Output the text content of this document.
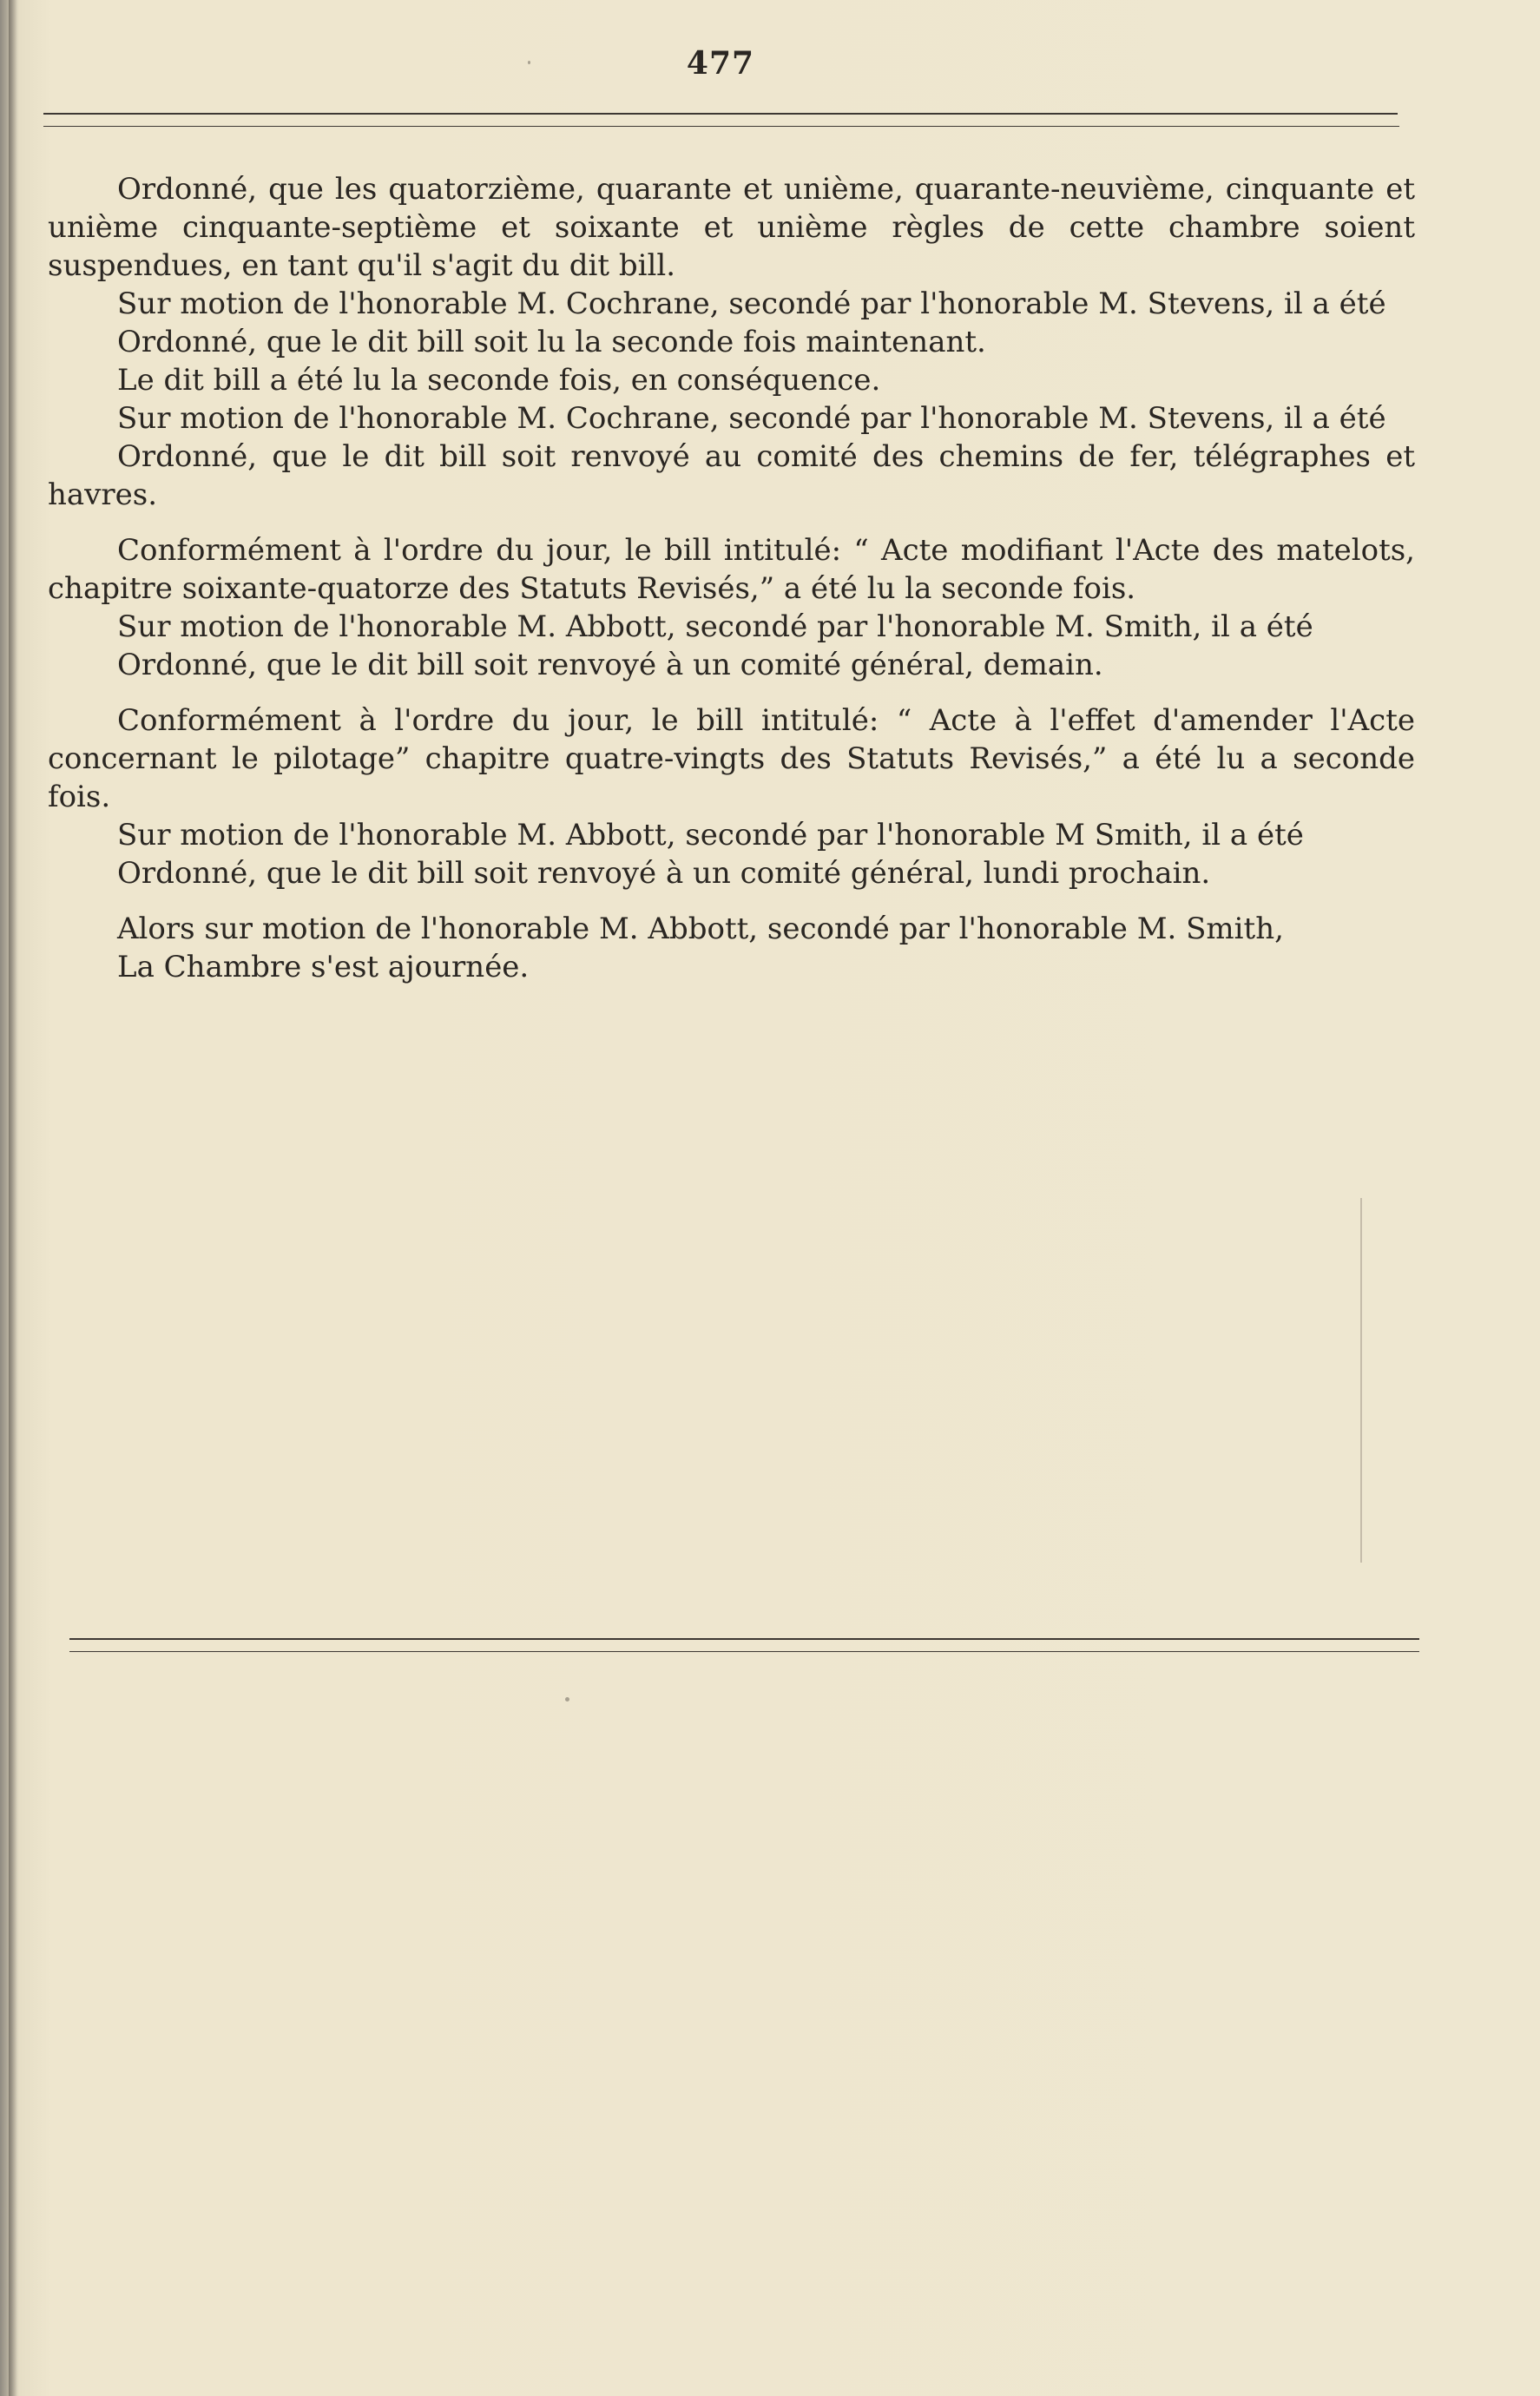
477

Ordonné, que les quatorzième, quarante et unième, quarante-neuvième, cinquante et unième cinquante-septième et soixante et unième règles de cette chambre soient suspendues, en tant qu'il s'agit du dit bill.

Sur motion de l'honorable M. Cochrane, secondé par l'honorable M. Stevens, il a été

Ordonné, que le dit bill soit lu la seconde fois maintenant.

Le dit bill a été lu la seconde fois, en conséquence.

Sur motion de l'honorable M. Cochrane, secondé par l'honorable M. Stevens, il a été

Ordonné, que le dit bill soit renvoyé au comité des chemins de fer, télégraphes et havres.

Conformément à l'ordre du jour, le bill intitulé: “ Acte modifiant l'Acte des matelots, chapitre soixante-quatorze des Statuts Revisés,” a été lu la seconde fois.

Sur motion de l'honorable M. Abbott, secondé par l'honorable M. Smith, il a été

Ordonné, que le dit bill soit renvoyé à un comité général, demain.

Conformément à l'ordre du jour, le bill intitulé: “ Acte à l'effet d'amender l'Acte concernant le pilotage” chapitre quatre-vingts des Statuts Revisés,” a été lu a seconde fois.

Sur motion de l'honorable M. Abbott, secondé par l'honorable M Smith, il a été

Ordonné, que le dit bill soit renvoyé à un comité général, lundi prochain.

Alors sur motion de l'honorable M. Abbott, secondé par l'honorable M. Smith,

La Chambre s'est ajournée.
